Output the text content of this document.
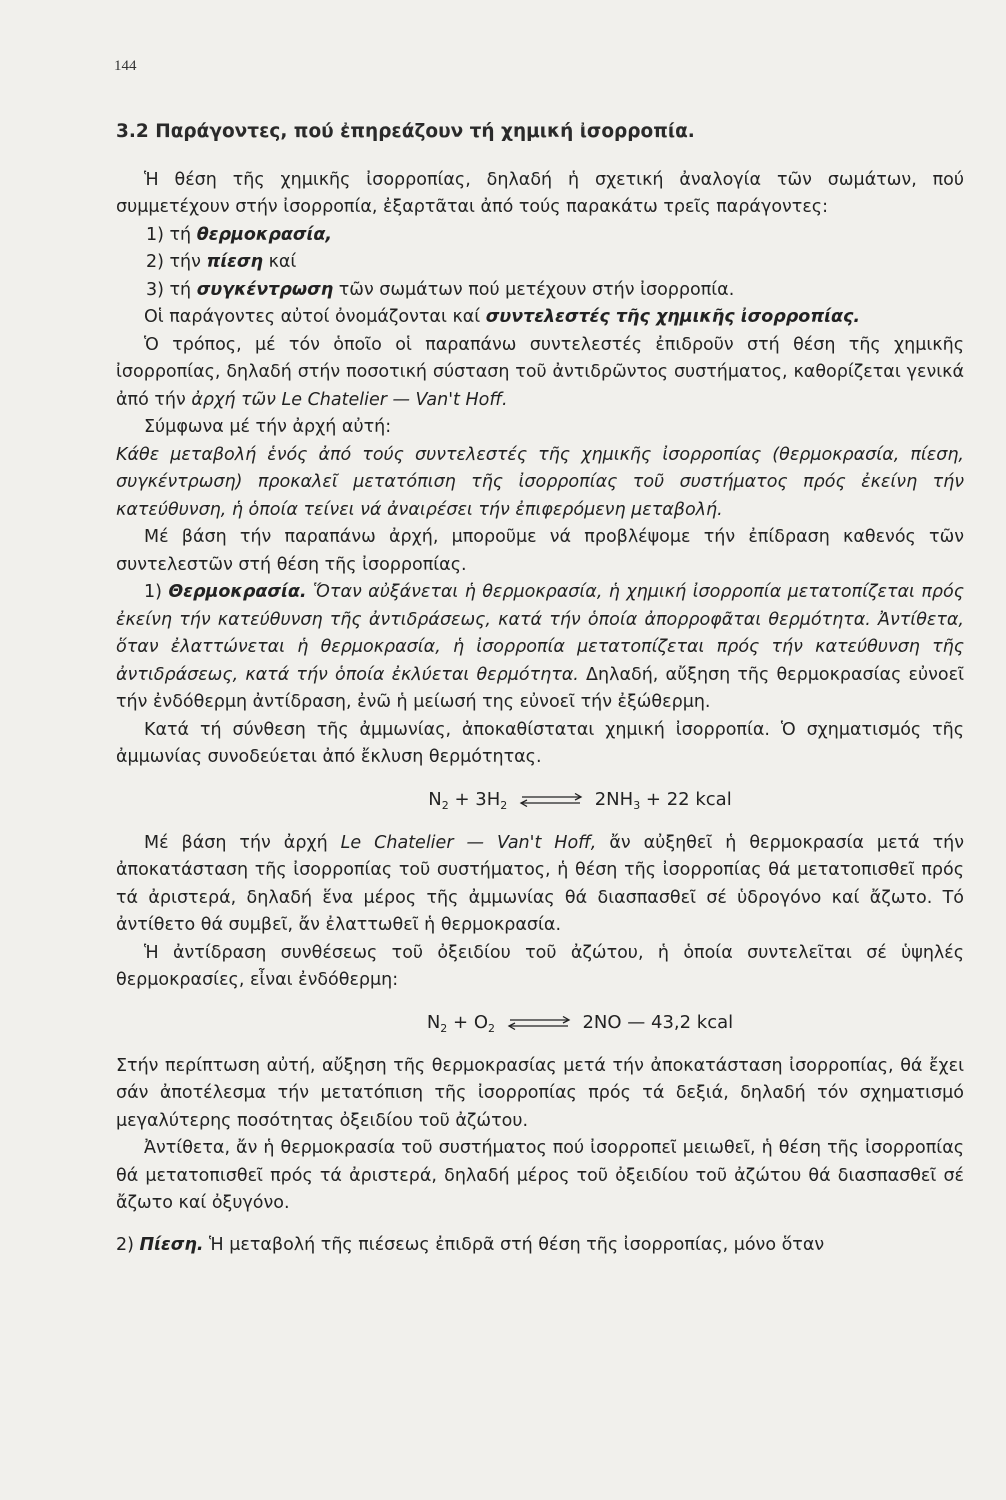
144
3.2 Παράγοντες, πού ἐπηρεάζουν τή χημική ἰσορροπία.

Ἡ θέση τῆς χημικῆς ἰσορροπίας, δηλαδή ἡ σχετική ἀναλογία τῶν σωμάτων, πού συμμετέχουν στήν ἰσορροπία, ἐξαρτᾶται ἀπό τούς παρακάτω τρεῖς παράγοντες:

1) τή θερμοκρασία,

2) τήν πίεση καί

3) τή συγκέντρωση τῶν σωμάτων πού μετέχουν στήν ἰσορροπία.

Οἱ παράγοντες αὐτοί ὀνομάζονται καί συντελεστές τῆς χημικῆς ἰσορροπίας.

Ὁ τρόπος, μέ τόν ὁποῖο οἱ παραπάνω συντελεστές ἐπιδροῦν στή θέση τῆς χημικῆς ἰσορροπίας, δηλαδή στήν ποσοτική σύσταση τοῦ ἀντιδρῶντος συστήματος, καθορίζεται γενικά ἀπό τήν ἀρχή τῶν Le Chatelier — Van't Hoff.

Σύμφωνα μέ τήν ἀρχή αὐτή:

Κάθε μεταβολή ἑνός ἀπό τούς συντελεστές τῆς χημικῆς ἰσορροπίας (θερμοκρασία, πίεση, συγκέντρωση) προκαλεῖ μετατόπιση τῆς ἰσορροπίας τοῦ συστήματος πρός ἐκείνη τήν κατεύθυνση, ἡ ὁποία τείνει νά ἀναιρέσει τήν ἐπιφερόμενη μεταβολή.

Μέ βάση τήν παραπάνω ἀρχή, μποροῦμε νά προβλέψομε τήν ἐπίδραση καθενός τῶν συντελεστῶν στή θέση τῆς ἰσορροπίας.

1) Θερμοκρασία. Ὅταν αὐξάνεται ἡ θερμοκρασία, ἡ χημική ἰσορροπία μετατοπίζεται πρός ἐκείνη τήν κατεύθυνση τῆς ἀντιδράσεως, κατά τήν ὁποία ἀπορροφᾶται θερμότητα. Ἀντίθετα, ὅταν ἐλαττώνεται ἡ θερμοκρασία, ἡ ἰσορροπία μετατοπίζεται πρός τήν κατεύθυνση τῆς ἀντιδράσεως, κατά τήν ὁποία ἐκλύεται θερμότητα. Δηλαδή, αὔξηση τῆς θερμοκρασίας εὐνοεῖ τήν ἐνδόθερμη ἀντίδραση, ἐνῶ ἡ μείωσή της εὐνοεῖ τήν ἐξώθερμη.

Κατά τή σύνθεση τῆς ἀμμωνίας, ἀποκαθίσταται χημική ἰσορροπία. Ὁ σχηματισμός τῆς ἀμμωνίας συνοδεύεται ἀπό ἔκλυση θερμότητας.

$N_2 + 3H_2$ ⇌ $2NH_3 + 22$ kcal

Μέ βάση τήν ἀρχή Le Chatelier — Van't Hoff, ἄν αὐξηθεῖ ἡ θερμοκρασία μετά τήν ἀποκατάσταση τῆς ἰσορροπίας τοῦ συστήματος, ἡ θέση τῆς ἰσορροπίας θά μετατοπισθεῖ πρός τά ἀριστερά, δηλαδή ἕνα μέρος τῆς ἀμμωνίας θά διασπασθεῖ σέ ὑδρογόνο καί ἄζωτο. Τό ἀντίθετο θά συμβεῖ, ἄν ἐλαττωθεῖ ἡ θερμοκρασία.

Ἡ ἀντίδραση συνθέσεως τοῦ ὀξειδίου τοῦ ἀζώτου, ἡ ὁποία συντελεῖται σέ ὑψηλές θερμοκρασίες, εἶναι ἐνδόθερμη:

$N_2 + O_2$ ⇌ 2NO — 43,2 kcal

Στήν περίπτωση αὐτή, αὔξηση τῆς θερμοκρασίας μετά τήν ἀποκατάσταση ἰσορροπίας, θά ἔχει σάν ἀποτέλεσμα τήν μετατόπιση τῆς ἰσορροπίας πρός τά δεξιά, δηλαδή τόν σχηματισμό μεγαλύτερης ποσότητας ὀξειδίου τοῦ ἀζώτου.

Ἀντίθετα, ἄν ἡ θερμοκρασία τοῦ συστήματος πού ἰσορροπεῖ μειωθεῖ, ἡ θέση τῆς ἰσορροπίας θά μετατοπισθεῖ πρός τά ἀριστερά, δηλαδή μέρος τοῦ ὀξειδίου τοῦ ἀζώτου θά διασπασθεῖ σέ ἄζωτο καί ὀξυγόνο.

2) Πίεση. Ἡ μεταβολή τῆς πιέσεως ἐπιδρᾶ στή θέση τῆς ἰσορροπίας, μόνο ὅταν
